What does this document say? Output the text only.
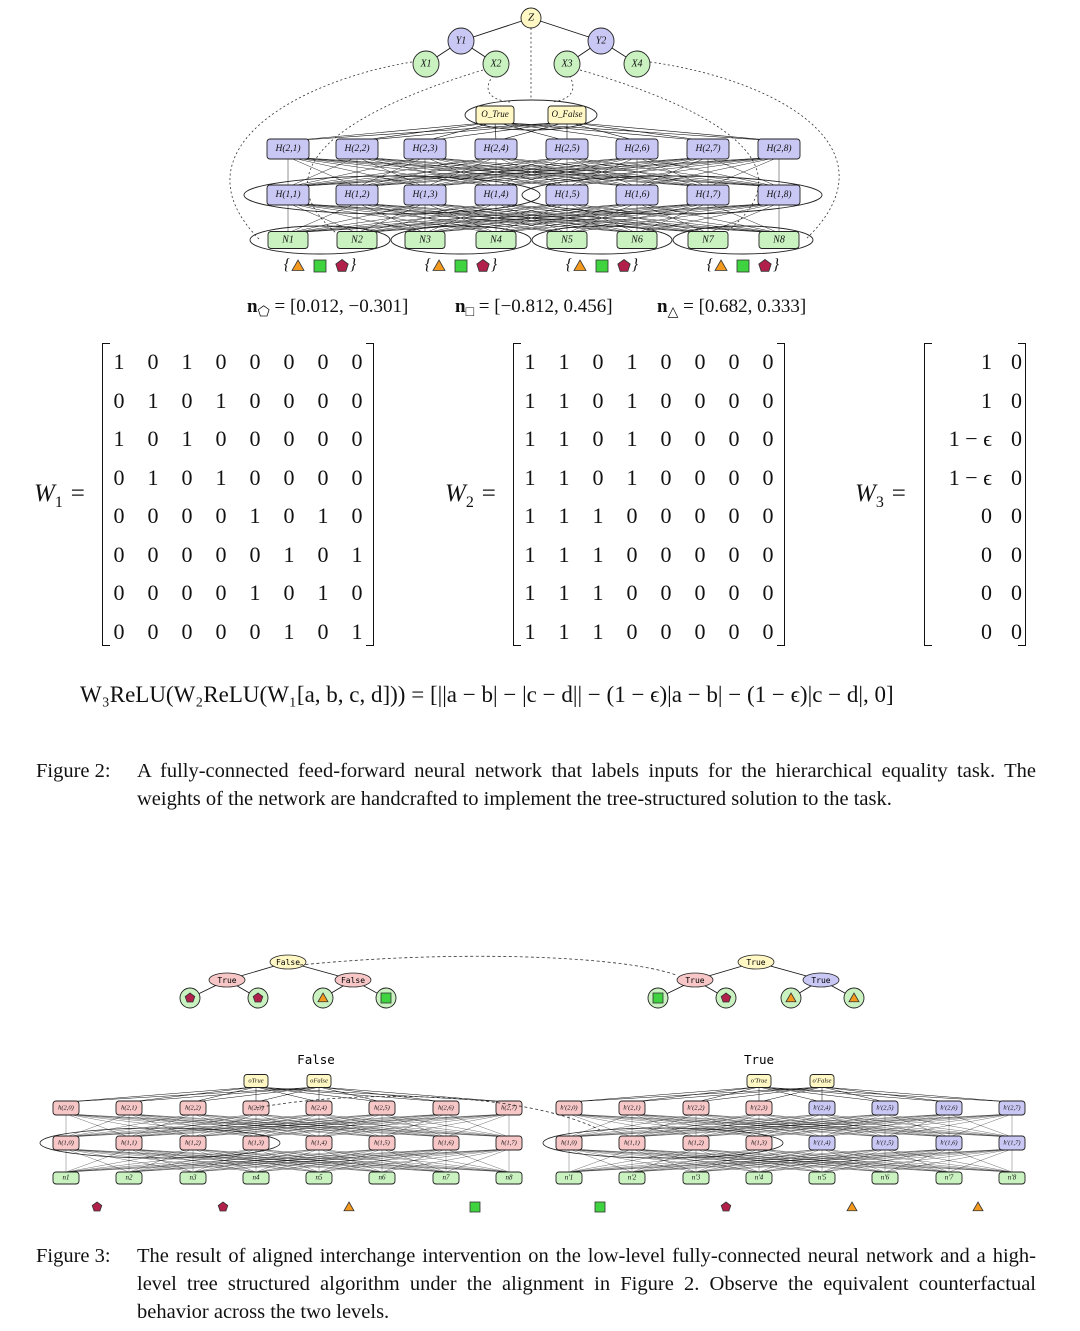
H(2,1)	H(2,2)	H(2,3)	H(2,4)	H(2,5)	H(2,6)	H(2,7)	H(2,8)
H(1,1)	H(1,2)	H(1,3)	H(1,4)	H(1,5)	H(1,6)	H(1,7)	H(1,8)
N1	N2	N3	N4	N5	N6	N7	N8
O_True	O_False
Z
Y1	Y2
X1	X2	X3	X4
{	}	{	}	{	}	{	}
$n_⬠ = [0.012$, −0.301] $n_□ = [-0.812$, 0.456] $n_\triangle = [0.682$, 0.333]
$W_1$ =
1	0	1	0	0	0	0	0
0	1	0	1	0	0	0	0
1	0	1	0	0	0	0	0
0	1	0	1	0	0	0	0
0	0	0	0	1	0	1	0
0	0	0	0	0	1	0	1
0	0	0	0	1	0	1	0
0	0	0	0	0	1	0	1
$W_2$ =
1	1	0	1	0	0	0	0
1	1	0	1	0	0	0	0
1	1	0	1	0	0	0	0
1	1	0	1	0	0	0	0
1	1	1	0	0	0	0	0
1	1	1	0	0	0	0	0
1	1	1	0	0	0	0	0
1	1	1	0	0	0	0	0
$W_3$ =
1	0
1	0
1 − ϵ	0
1 − ϵ	0
0	0
0	0
0	0
0	0
W₃ReLU(W₂ReLU(W₁[a, b, c, d])) = [||a − b| − |c − d|| − (1 − ϵ)|a − b| − (1 − ϵ)|c − d|, 0]
Figure 2: A fully-connected feed-forward neural network that labels inputs for the hierarchical equality task. The weights of the network are handcrafted to implement the tree-structured solution to the task.
False
True	False
True
True	True
False
h(2,0)	h(2,1)	h(2,2)	h(2,3)	h(2,4)	h(2,5)	h(2,6)	h(2,7)
h(1,0)	h(1,1)	h(1,2)	h(1,3)	h(1,4)	h(1,5)	h(1,6)	h(1,7)
n1	n2	n3	n4	n5	n6	n7	n8
oTrue	oFalse
True
h′(2,0)	h′(2,1)	h′(2,2)	h′(2,3)	h′(2,4)	h′(2,5)	h′(2,6)	h′(2,7)
h(1,0)	h(1,1)	h(1,2)	h(1,3)	h′(1,4)	h′(1,5)	h′(1,6)	h′(1,7)
n′1	n′2	n′3	n′4	n′5	n′6	n′7	n′8
o′True	o′False
Figure 3: The result of aligned interchange intervention on the low-level fully-connected neural network and a high-level tree structured algorithm under the alignment in Figure 2. Observe the equivalent counterfactual behavior across the two levels.
